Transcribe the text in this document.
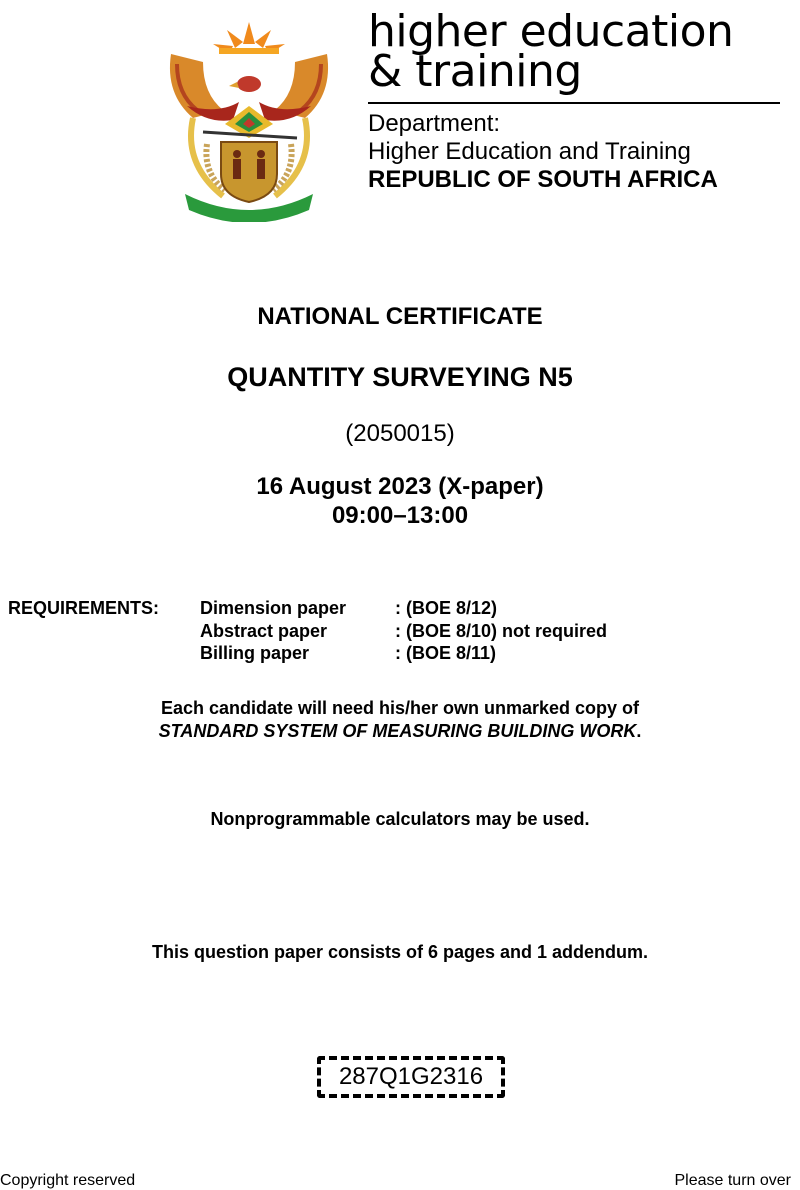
higher education
& training
Department:
Higher Education and Training
REPUBLIC OF SOUTH AFRICA
NATIONAL CERTIFICATE
QUANTITY SURVEYING N5
(2050015)
16 August 2023 (X-paper)
09:00–13:00
REQUIREMENTS: Dimension paper	: (BOE 8/12)
Abstract paper	: (BOE 8/10) not required
Billing paper	: (BOE 8/11)
Each candidate will need his/her own unmarked copy of
STANDARD SYSTEM OF MEASURING BUILDING WORK.
Nonprogrammable calculators may be used.
This question paper consists of 6 pages and 1 addendum.
287Q1G2316
Copyright reserved	Please turn over
